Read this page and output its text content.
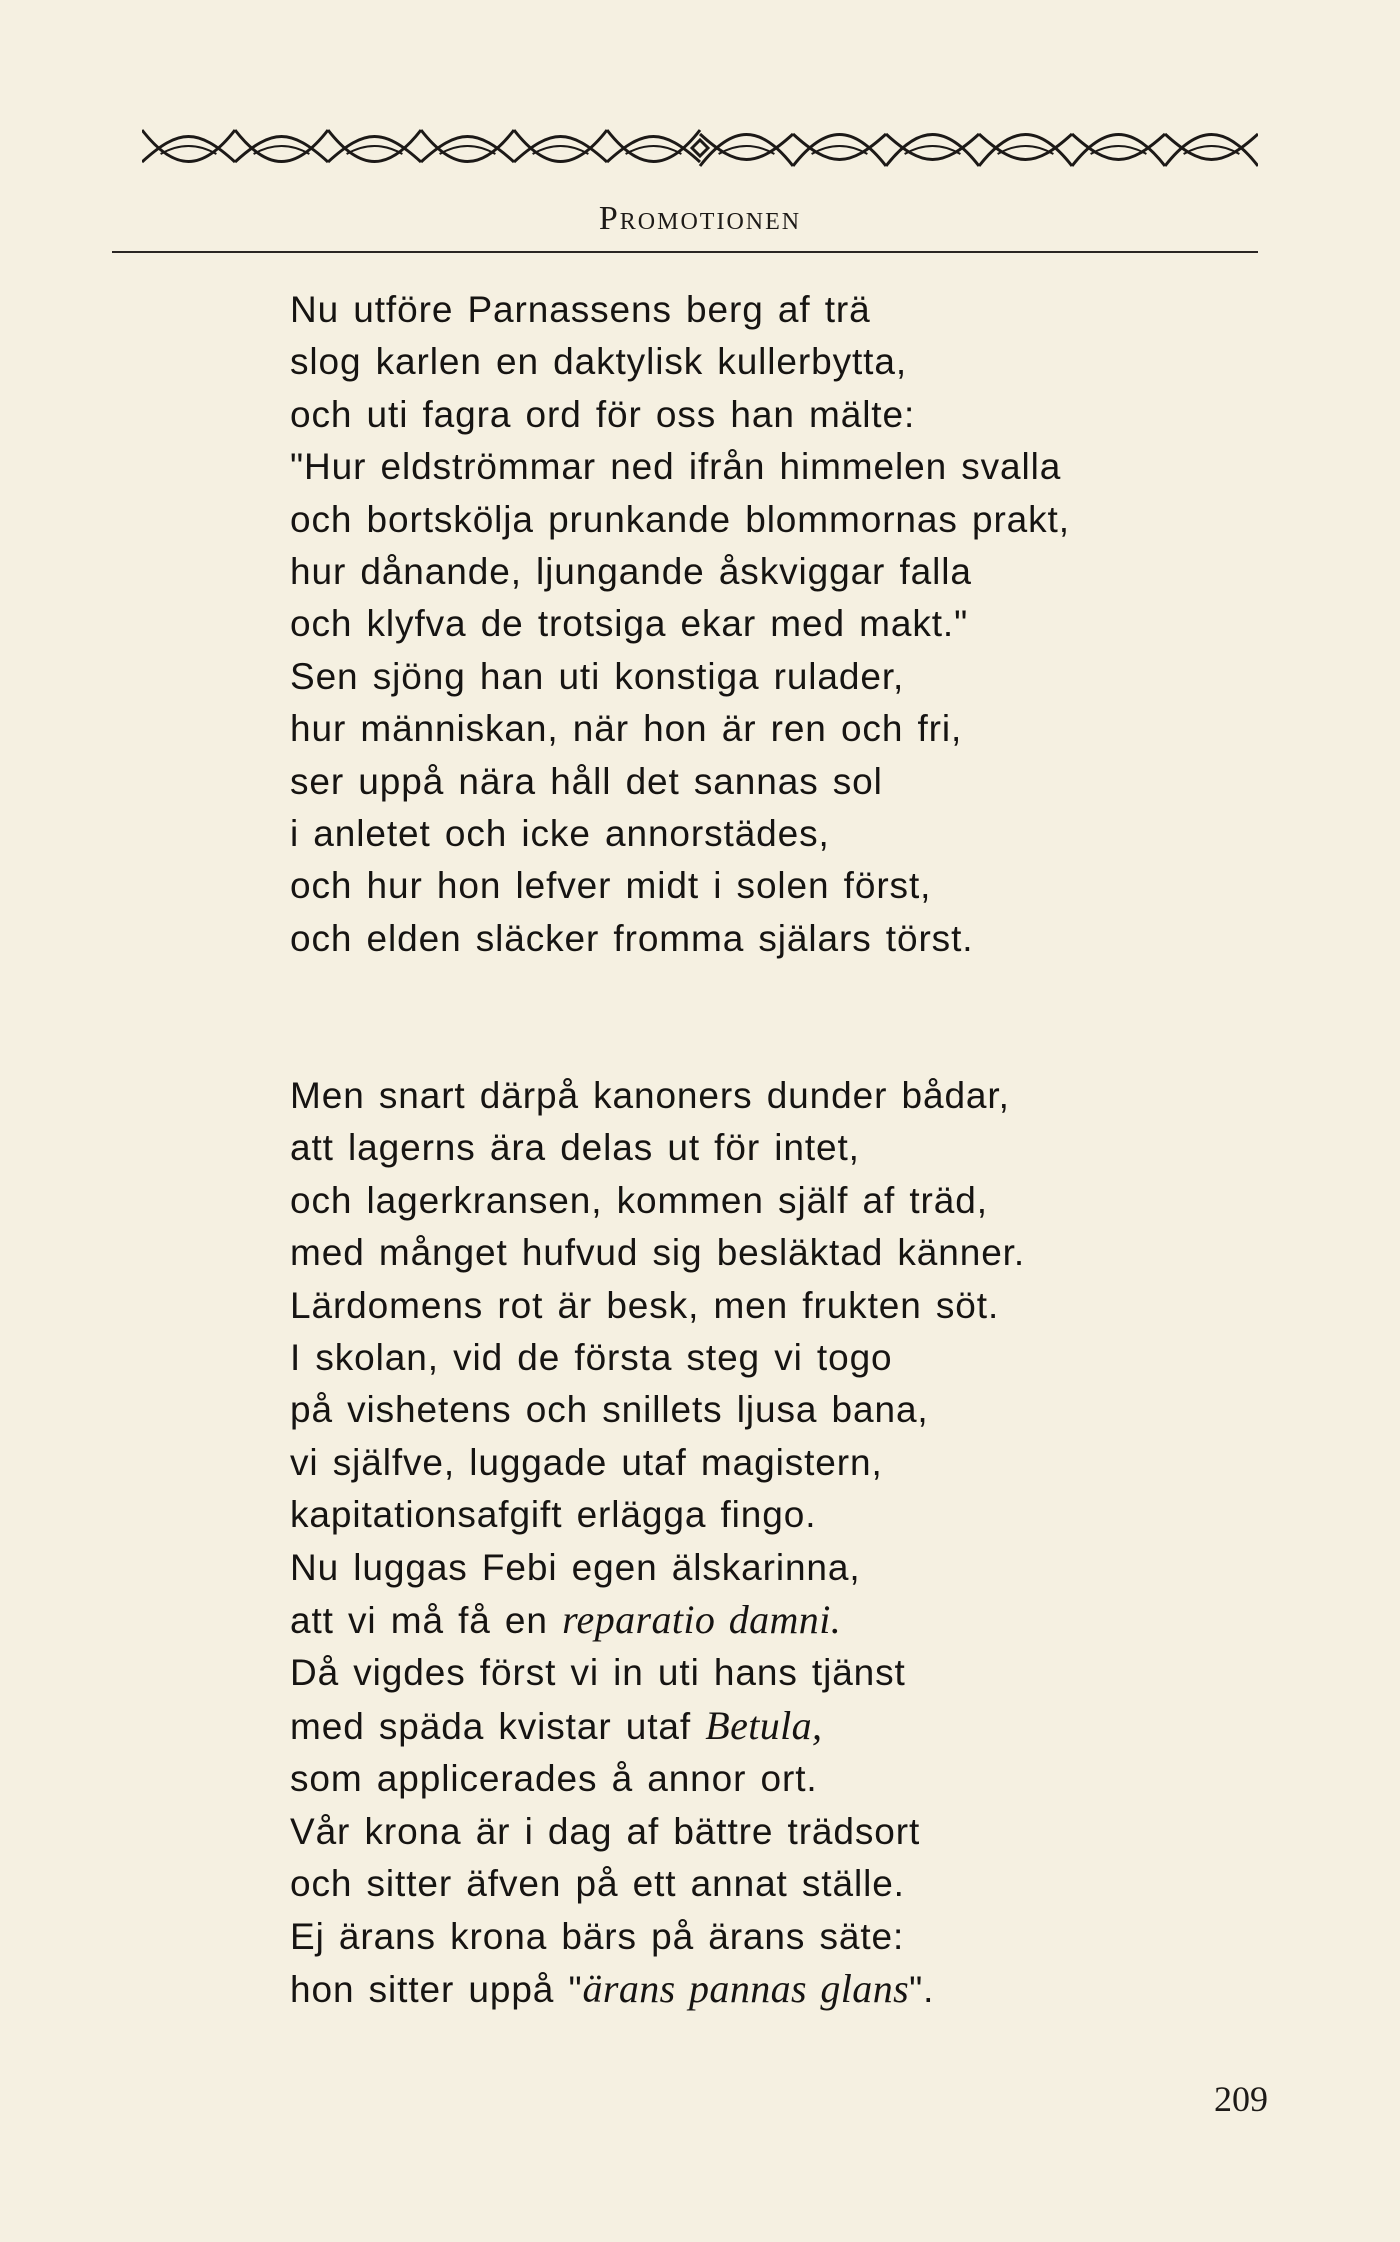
Promotionen
Nu utföre Parnassens berg af trä
slog karlen en daktylisk kullerbytta,
och uti fagra ord för oss han mälte:
"Hur eldströmmar ned ifrån himmelen svalla
och bortskölja prunkande blommornas prakt,
hur dånande, ljungande åskviggar falla
och klyfva de trotsiga ekar med makt."
Sen sjöng han uti konstiga rulader,
hur människan, när hon är ren och fri,
ser uppå nära håll det sannas sol
i anletet och icke annorstädes,
och hur hon lefver midt i solen först,
och elden släcker fromma själars törst.
Men snart därpå kanoners dunder bådar,
att lagerns ära delas ut för intet,
och lagerkransen, kommen själf af träd,
med månget hufvud sig besläktad känner.
Lärdomens rot är besk, men frukten söt.
I skolan, vid de första steg vi togo
på vishetens och snillets ljusa bana,
vi själfve, luggade utaf magistern,
kapitationsafgift erlägga fingo.
Nu luggas Febi egen älskarinna,
att vi må få en reparatio damni.
Då vigdes först vi in uti hans tjänst
med späda kvistar utaf Betula,
som applicerades å annor ort.
Vår krona är i dag af bättre trädsort
och sitter äfven på ett annat ställe.
Ej ärans krona bärs på ärans säte:
hon sitter uppå "ärans pannas glans".
209
